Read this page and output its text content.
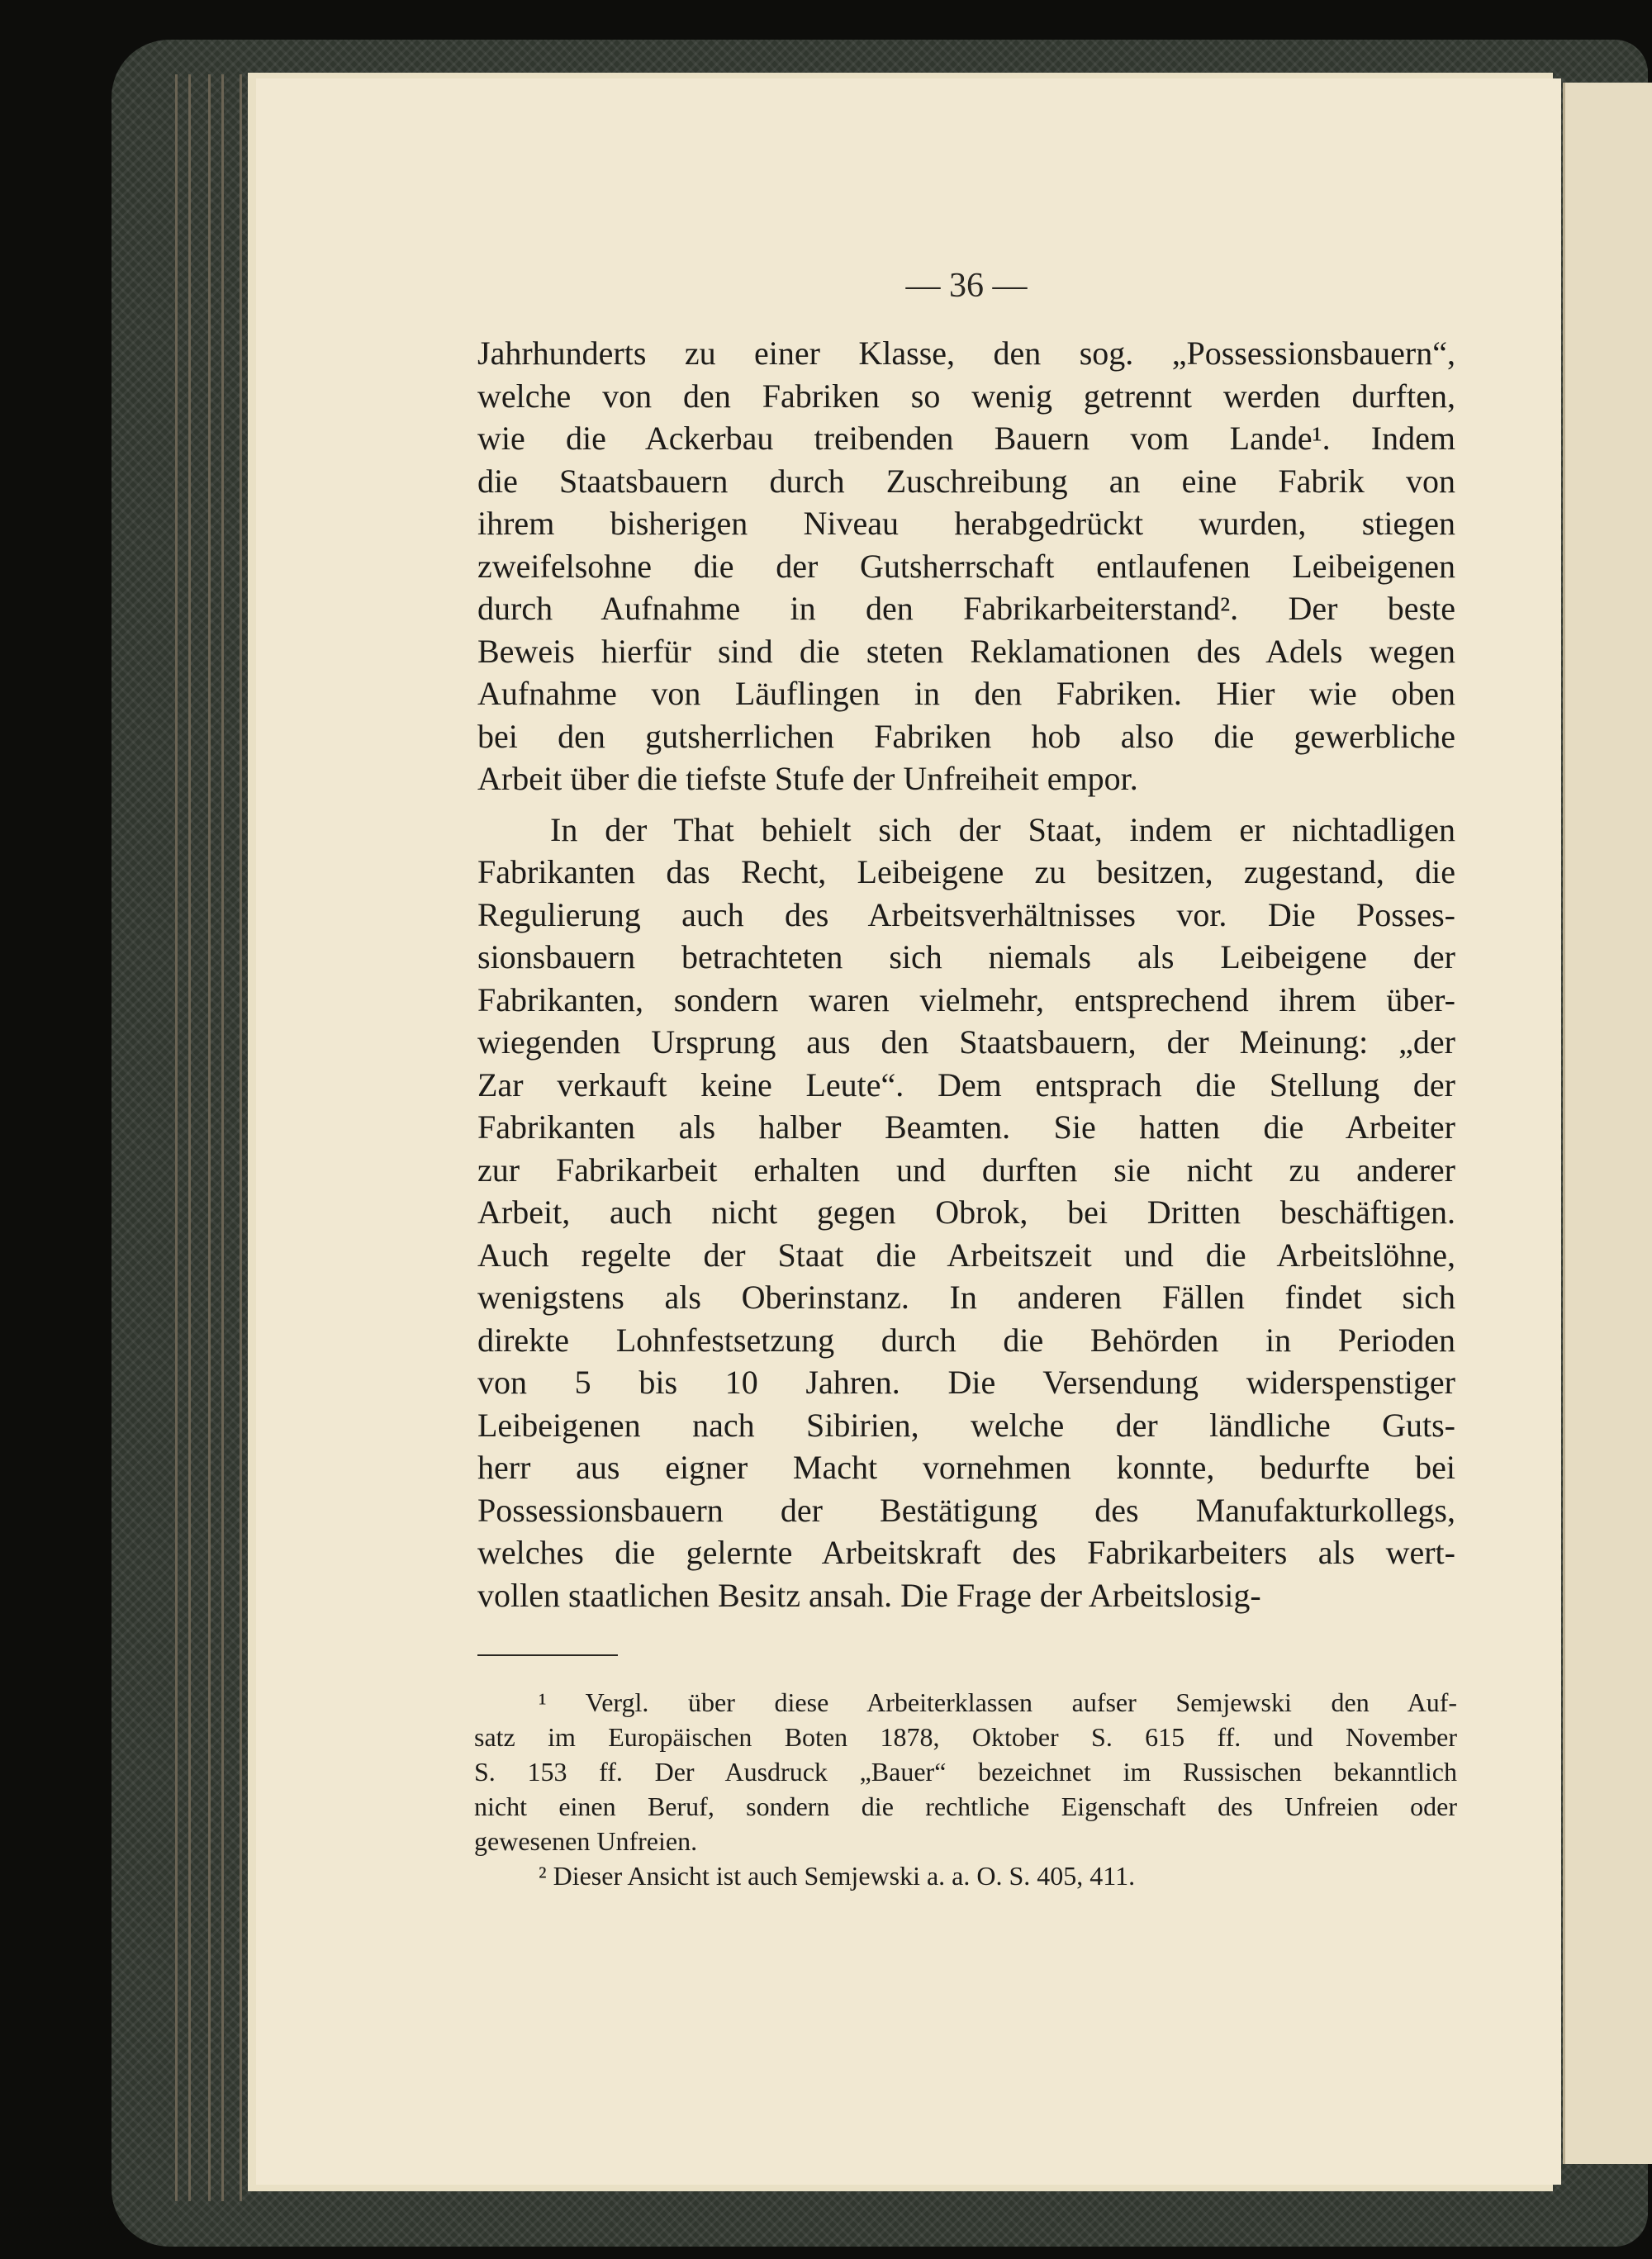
— 36 —
Jahrhunderts zu einer Klasse, den sog. „Possessionsbauern“,
welche von den Fabriken so wenig getrennt werden durften,
wie die Ackerbau treibenden Bauern vom Lande¹. Indem
die Staatsbauern durch Zuschreibung an eine Fabrik von
ihrem bisherigen Niveau herabgedrückt wurden, stiegen
zweifelsohne die der Gutsherrschaft entlaufenen Leibeigenen
durch Aufnahme in den Fabrikarbeiterstand². Der beste
Beweis hierfür sind die steten Reklamationen des Adels wegen
Aufnahme von Läuflingen in den Fabriken. Hier wie oben
bei den gutsherrlichen Fabriken hob also die gewerbliche
Arbeit über die tiefste Stufe der Unfreiheit empor.
In der That behielt sich der Staat, indem er nichtadligen
Fabrikanten das Recht, Leibeigene zu besitzen, zugestand, die
Regulierung auch des Arbeitsverhältnisses vor. Die Posses-
sionsbauern betrachteten sich niemals als Leibeigene der
Fabrikanten, sondern waren vielmehr, entsprechend ihrem über-
wiegenden Ursprung aus den Staatsbauern, der Meinung: „der
Zar verkauft keine Leute“. Dem entsprach die Stellung der
Fabrikanten als halber Beamten. Sie hatten die Arbeiter
zur Fabrikarbeit erhalten und durften sie nicht zu anderer
Arbeit, auch nicht gegen Obrok, bei Dritten beschäftigen.
Auch regelte der Staat die Arbeitszeit und die Arbeitslöhne,
wenigstens als Oberinstanz. In anderen Fällen findet sich
direkte Lohnfestsetzung durch die Behörden in Perioden
von 5 bis 10 Jahren. Die Versendung widerspenstiger
Leibeigenen nach Sibirien, welche der ländliche Guts-
herr aus eigner Macht vornehmen konnte, bedurfte bei
Possessionsbauern der Bestätigung des Manufakturkollegs,
welches die gelernte Arbeitskraft des Fabrikarbeiters als wert-
vollen staatlichen Besitz ansah. Die Frage der Arbeitslosig-
¹ Vergl. über diese Arbeiterklassen aufser Semjewski den Auf-
satz im Europäischen Boten 1878, Oktober S. 615 ff. und November
S. 153 ff. Der Ausdruck „Bauer“ bezeichnet im Russischen bekanntlich
nicht einen Beruf, sondern die rechtliche Eigenschaft des Unfreien oder
gewesenen Unfreien.
² Dieser Ansicht ist auch Semjewski a. a. O. S. 405, 411.
